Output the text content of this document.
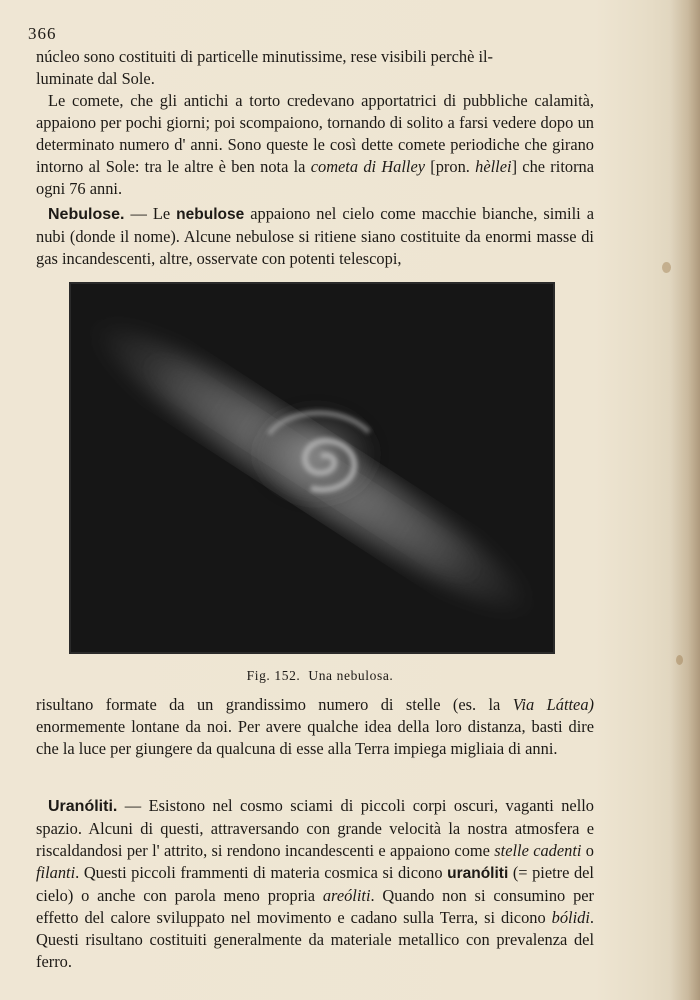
366

núcleo sono costituiti di particelle minutissime, rese visibili perchè il-
luminate dal Sole.

Le comete, che gli antichi a torto credevano apportatrici di pubbliche calamità, appaiono per pochi giorni; poi scompaiono, tornando di solito a farsi vedere dopo un determinato numero d' anni. Sono queste le così dette comete periodiche che girano intorno al Sole: tra le altre è ben nota la cometa di Halley [pron. hèllei] che ritorna ogni 76 anni.

Nebulose. — Le nebulose appaiono nel cielo come macchie bianche, simili a nubi (donde il nome). Alcune nebulose si ritiene siano costituite da enormi masse di gas incandescenti, altre, osservate con potenti telescopi,

Fig. 152. Una nebulosa.

risultano formate da un grandissimo numero di stelle (es. la Via Láttea) enormemente lontane da noi. Per avere qualche idea della loro distanza, basti dire che la luce per giungere da qualcuna di esse alla Terra impiega migliaia di anni.

Uranóliti. — Esistono nel cosmo sciami di piccoli corpi oscuri, vaganti nello spazio. Alcuni di questi, attraversando con grande velocità la nostra atmosfera e riscaldandosi per l' attrito, si rendono incandescenti e appaiono come stelle cadenti o filanti. Questi piccoli frammenti di materia cosmica si dicono uranóliti (= pietre del cielo) o anche con parola meno propria areóliti. Quando non si consumino per effetto del calore sviluppato nel movimento e cadano sulla Terra, si dicono bólidi. Questi risultano costituiti generalmente da materiale metallico con prevalenza del ferro.
